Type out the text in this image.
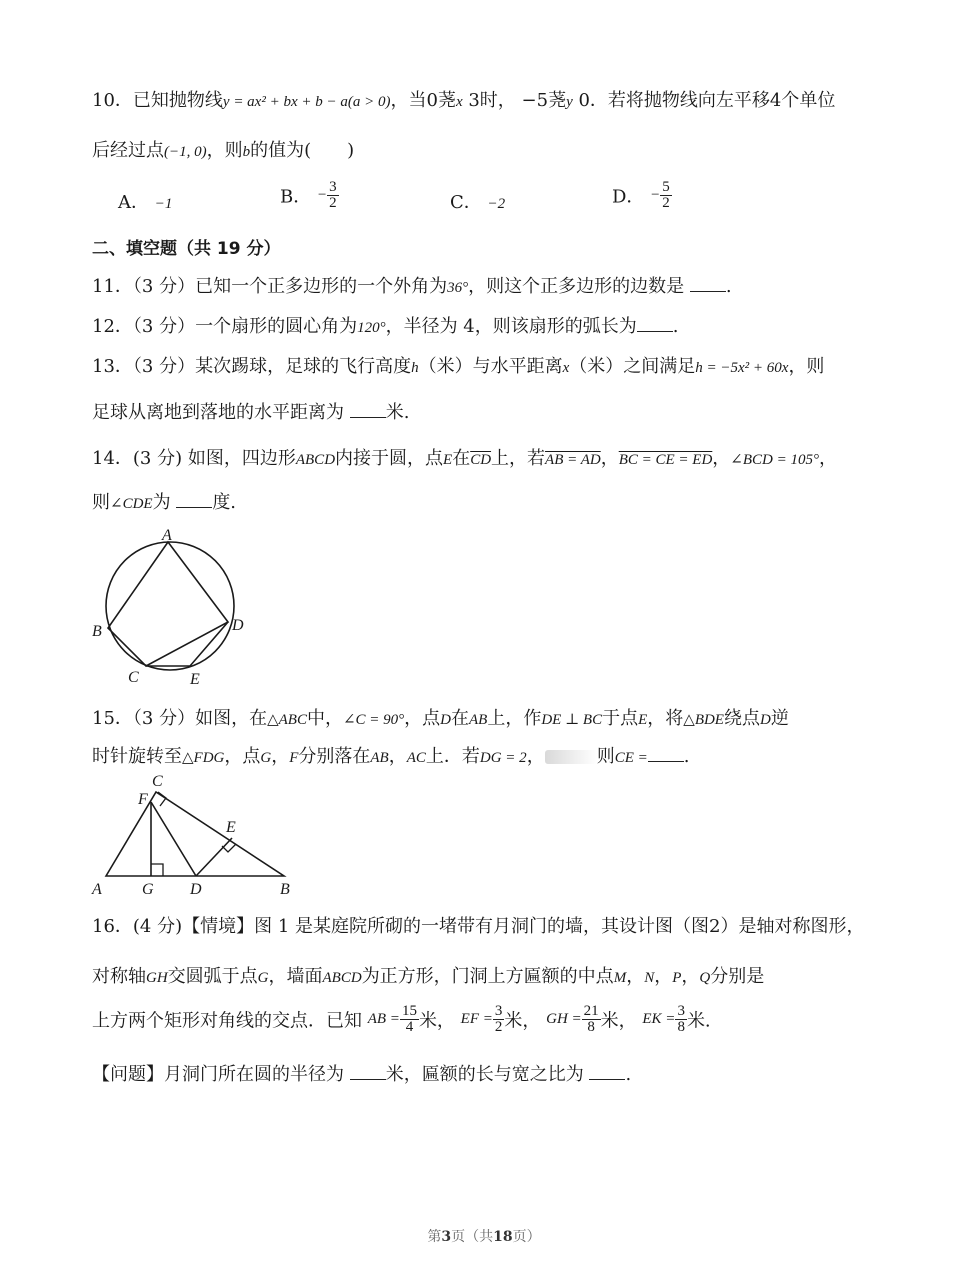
10．已知抛物线y = ax² + bx + b − a(a > 0)，当0荛x 3时， −5荛y 0．若将抛物线向左平移4个单位
后经过点(−1, 0)，则b的值为(　　)
A． −1	B． − $\frac{3}{2}$	C． −2	D． − $\frac{5}{2}$
二、填空题（共 19 分）
11．（3 分）已知一个正多边形的一个外角为36°，则这个正多边形的边数是 .
12．（3 分）一个扇形的圆心角为120°，半径为 4，则该扇形的弧长为 .
13．（3 分）某次踢球，足球的飞行高度h（米）与水平距离x（米）之间满足h = −5x² + 60x，则
足球从离地到落地的水平距离为 米.
14．(3 分) 如图，四边形ABCD内接于圆，点E在$\overline{CD}$上，若AB = AD，BC = CE = ED，∠BCD = 105°，
则∠CDE为 度.
A
B
C
D
E
15．（3 分）如图，在△ABC中，∠C = 90°，点D在AB上，作DE ⊥ BC于点E，将△BDE绕点D逆
时针旋转至△FDG，点G，F分别落在AB，AC上．若DG = 2，	则CE = .
C
F
E
A	G D	B
16．(4 分)【情境】图 1 是某庭院所砌的一堵带有月洞门的墙，其设计图（图2）是轴对称图形，
对称轴GH交圆弧于点G，墙面ABCD为正方形，门洞上方匾额的中点M，N，P，Q分别是
上方两个矩形对角线的交点．已知 AB = $\frac{15}{4}$ 米， EF = $\frac{3}{2}$ 米， GH = $\frac{21}{8}$ 米， EK = $\frac{3}{8}$ 米.
【问题】月洞门所在圆的半径为 米，匾额的长与宽之比为 .
第3页（共18页）
